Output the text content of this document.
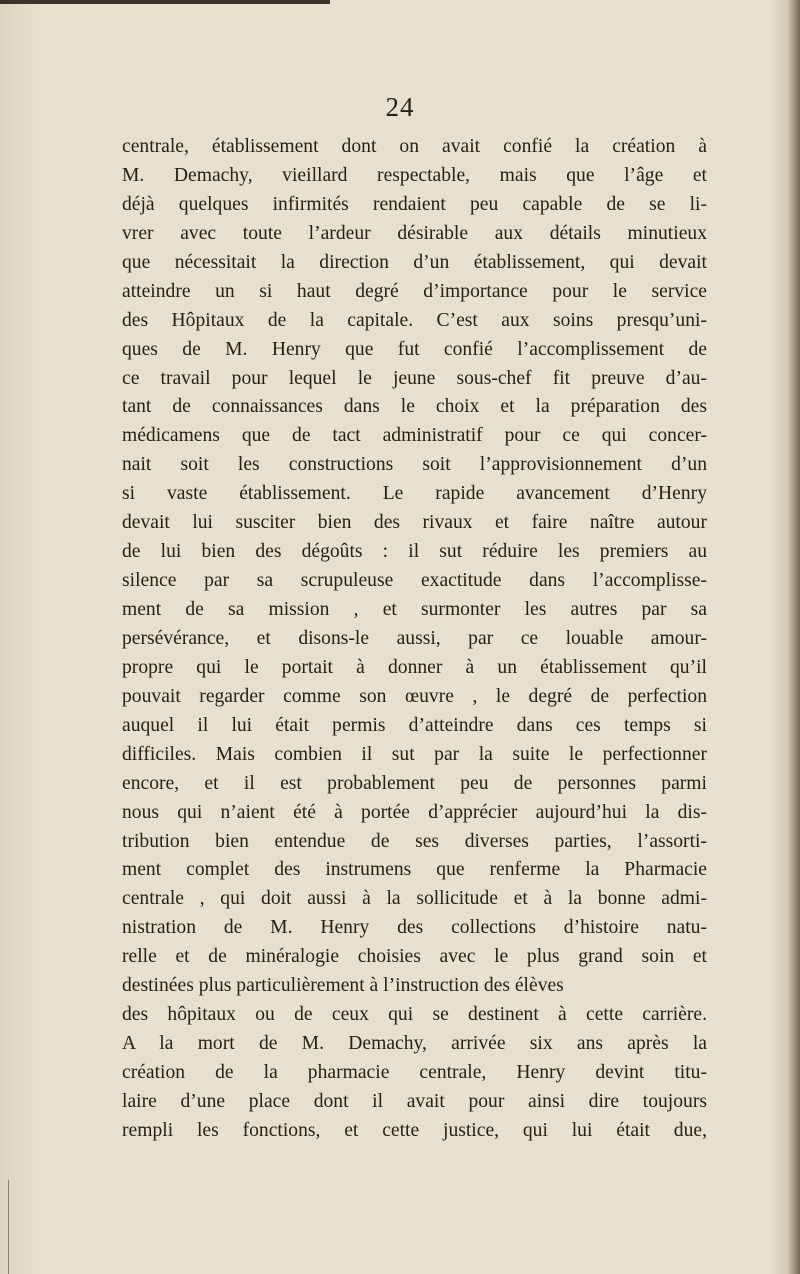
24
centrale, établissement dont on avait confié la création à
M. Demachy, vieillard respectable, mais que l’âge et
déjà quelques infirmités rendaient peu capable de se li-
vrer avec toute l’ardeur désirable aux détails minutieux
que nécessitait la direction d’un établissement, qui devait
atteindre un si haut degré d’importance pour le service
des Hôpitaux de la capitale. C’est aux soins presqu’uni-
ques de M. Henry que fut confié l’accomplissement de
ce travail pour lequel le jeune sous-chef fit preuve d’au-
tant de connaissances dans le choix et la préparation des
médicamens que de tact administratif pour ce qui concer-
nait soit les constructions soit l’approvisionnement d’un
si vaste établissement. Le rapide avancement d’Henry
devait lui susciter bien des rivaux et faire naître autour
de lui bien des dégoûts : il sut réduire les premiers au
silence par sa scrupuleuse exactitude dans l’accomplisse-
ment de sa mission , et surmonter les autres par sa
persévérance, et disons-le aussi, par ce louable amour-
propre qui le portait à donner à un établissement qu’il
pouvait regarder comme son œuvre , le degré de perfection
auquel il lui était permis d’atteindre dans ces temps si
difficiles. Mais combien il sut par la suite le perfectionner
encore, et il est probablement peu de personnes parmi
nous qui n’aient été à portée d’apprécier aujourd’hui la dis-
tribution bien entendue de ses diverses parties, l’assorti-
ment complet des instrumens que renferme la Pharmacie
centrale , qui doit aussi à la sollicitude et à la bonne admi-
nistration de M. Henry des collections d’histoire natu-
relle et de minéralogie choisies avec le plus grand soin et
destinées plus particulièrement à l’instruction des élèves
des hôpitaux ou de ceux qui se destinent à cette carrière.
A la mort de M. Demachy, arrivée six ans après la
création de la pharmacie centrale, Henry devint titu-
laire d’une place dont il avait pour ainsi dire toujours
rempli les fonctions, et cette justice, qui lui était due,
